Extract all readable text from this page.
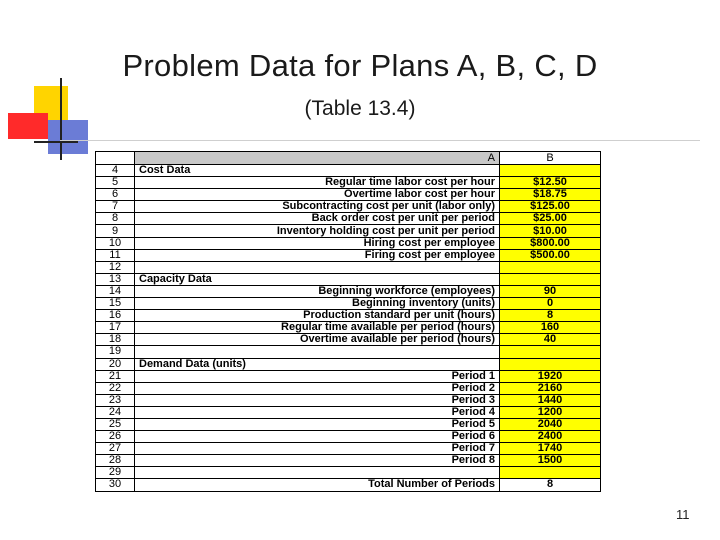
Problem Data for Plans A, B, C, D
(Table 13.4)
	A	B
4	Cost Data	
5	Regular time labor cost per hour	$12.50
6	Overtime labor cost per hour	$18.75
7	Subcontracting cost per unit (labor only)	$125.00
8	Back order cost per unit per period	$25.00
9	Inventory holding cost per unit per period	$10.00
10	Hiring cost per employee	$800.00
11	Firing cost per employee	$500.00
12		
13	Capacity Data	
14	Beginning workforce (employees)	90
15	Beginning inventory (units)	0
16	Production standard per unit (hours)	8
17	Regular time available per period (hours)	160
18	Overtime available per period (hours)	40
19		
20	Demand Data (units)	
21	Period 1	1920
22	Period 2	2160
23	Period 3	1440
24	Period 4	1200
25	Period 5	2040
26	Period 6	2400
27	Period 7	1740
28	Period 8	1500
29		
30	Total Number of Periods	8
11
